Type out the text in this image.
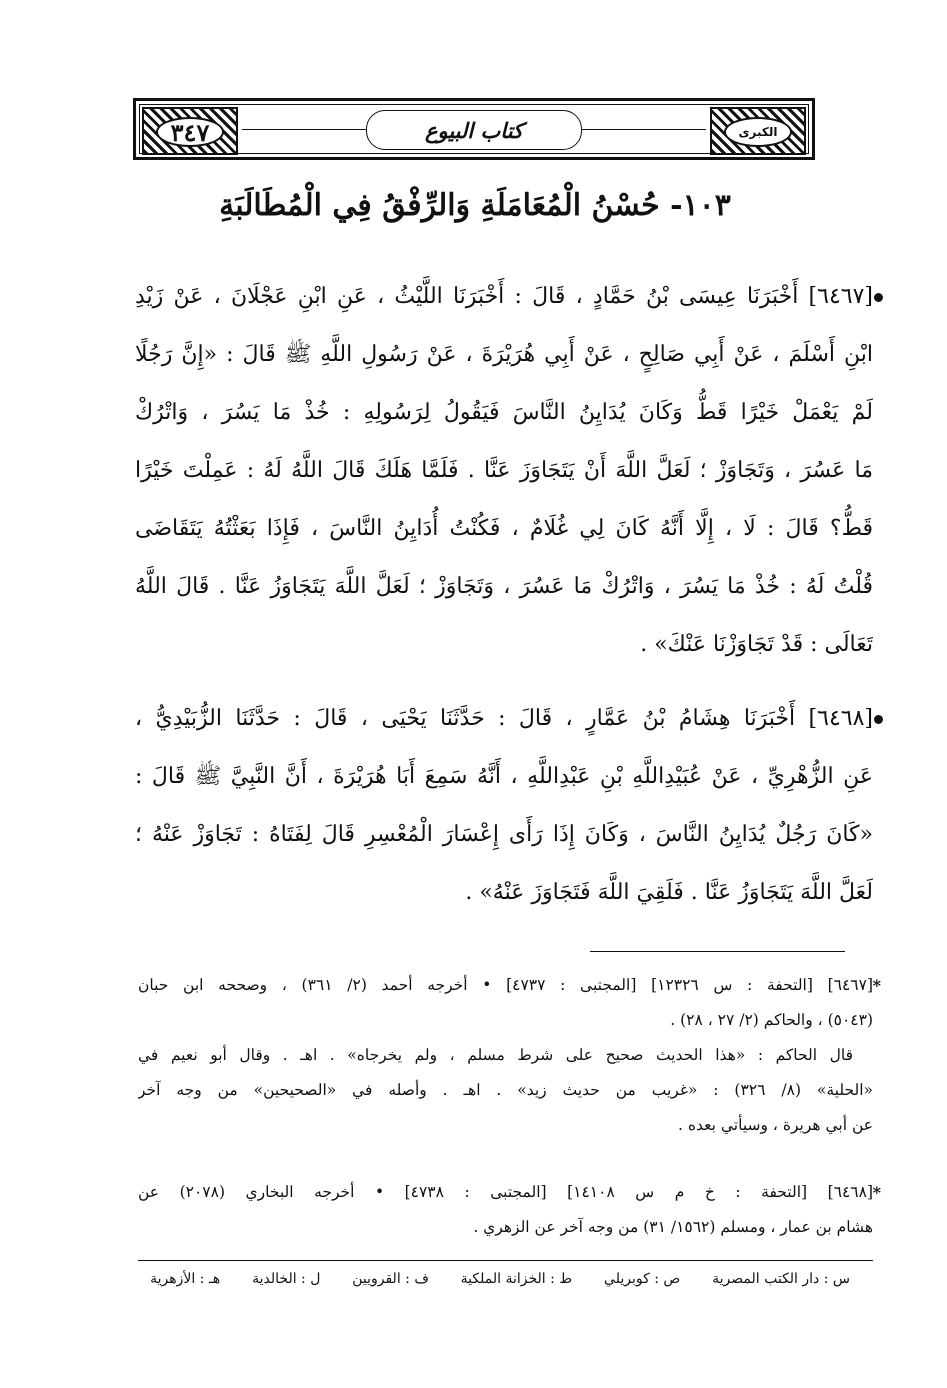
الكبرى
كتاب البيوع
٣٤٧
١٠٣- حُسْنُ الْمُعَامَلَةِ وَالرِّفْقُ فِي الْمُطَالَبَةِ
[٦٤٦٧] أَخْبَرَنَا عِيسَى بْنُ حَمَّادٍ ، قَالَ : أَخْبَرَنَا اللَّيْثُ ، عَنِ ابْنِ عَجْلَانَ ، عَنْ زَيْدِ
ابْنِ أَسْلَمَ ، عَنْ أَبِي صَالِحٍ ، عَنْ أَبِي هُرَيْرَةَ ، عَنْ رَسُولِ اللَّهِ ﷺ قَالَ : «إِنَّ رَجُلًا
لَمْ يَعْمَلْ خَيْرًا قَطُّ وَكَانَ يُدَايِنُ النَّاسَ فَيَقُولُ لِرَسُولِهِ : خُذْ مَا يَسُرَ ، وَاتْرُكْ
مَا عَسُرَ ، وَتَجَاوَزْ ؛ لَعَلَّ اللَّهَ أَنْ يَتَجَاوَزَ عَنَّا . فَلَمَّا هَلَكَ قَالَ اللَّهُ لَهُ : عَمِلْتَ خَيْرًا
قَطُّ؟ قَالَ : لَا ، إِلَّا أَنَّهُ كَانَ لِي غُلَامٌ ، فَكُنْتُ أُدَايِنُ النَّاسَ ، فَإِذَا بَعَثْتُهُ يَتَقَاضَى
قُلْتُ لَهُ : خُذْ مَا يَسُرَ ، وَاتْرُكْ مَا عَسُرَ ، وَتَجَاوَزْ ؛ لَعَلَّ اللَّهَ يَتَجَاوَزُ عَنَّا . قَالَ اللَّهُ
تَعَالَى : قَدْ تَجَاوَزْنَا عَنْكَ» .
[٦٤٦٨] أَخْبَرَنَا هِشَامُ بْنُ عَمَّارٍ ، قَالَ : حَدَّثَنَا يَحْيَى ، قَالَ : حَدَّثَنَا الزُّبَيْدِيُّ ،
عَنِ الزُّهْرِيِّ ، عَنْ عُبَيْدِاللَّهِ بْنِ عَبْدِاللَّهِ ، أَنَّهُ سَمِعَ أَبَا هُرَيْرَةَ ، أَنَّ النَّبِيَّ ﷺ قَالَ :
«كَانَ رَجُلٌ يُدَايِنُ النَّاسَ ، وَكَانَ إِذَا رَأَى إِعْسَارَ الْمُعْسِرِ قَالَ لِفَتَاهُ : تَجَاوَزْ عَنْهُ ؛
لَعَلَّ اللَّهَ يَتَجَاوَزُ عَنَّا . فَلَقِيَ اللَّهَ فَتَجَاوَزَ عَنْهُ» .
*
[٦٤٦٧] [التحفة : س ١٢٣٢٦] [المجتبى : ٤٧٣٧] • أخرجه أحمد (٢/ ٣٦١) ، وصححه ابن حبان
(٥٠٤٣) ، والحاكم (٢/ ٢٧ ، ٢٨) .
قال الحاكم : «هذا الحديث صحيح على شرط مسلم ، ولم يخرجاه» . اهـ . وقال أبو نعيم في
«الحلية» (٨/ ٣٢٦) : «غريب من حديث زيد» . اهـ . وأصله في «الصحيحين» من وجه آخر
عن أبي هريرة ، وسيأتي بعده .
*
[٦٤٦٨] [التحفة : خ م س ١٤١٠٨] [المجتبى : ٤٧٣٨] • أخرجه البخاري (٢٠٧٨) عن
هشام بن عمار ، ومسلم (١٥٦٢/ ٣١) من وجه آخر عن الزهري .
س : دار الكتب المصرية
ص : كوبريلي
ط : الخزانة الملكية
ف : القرويين
ل : الخالدية
هـ : الأزهرية
